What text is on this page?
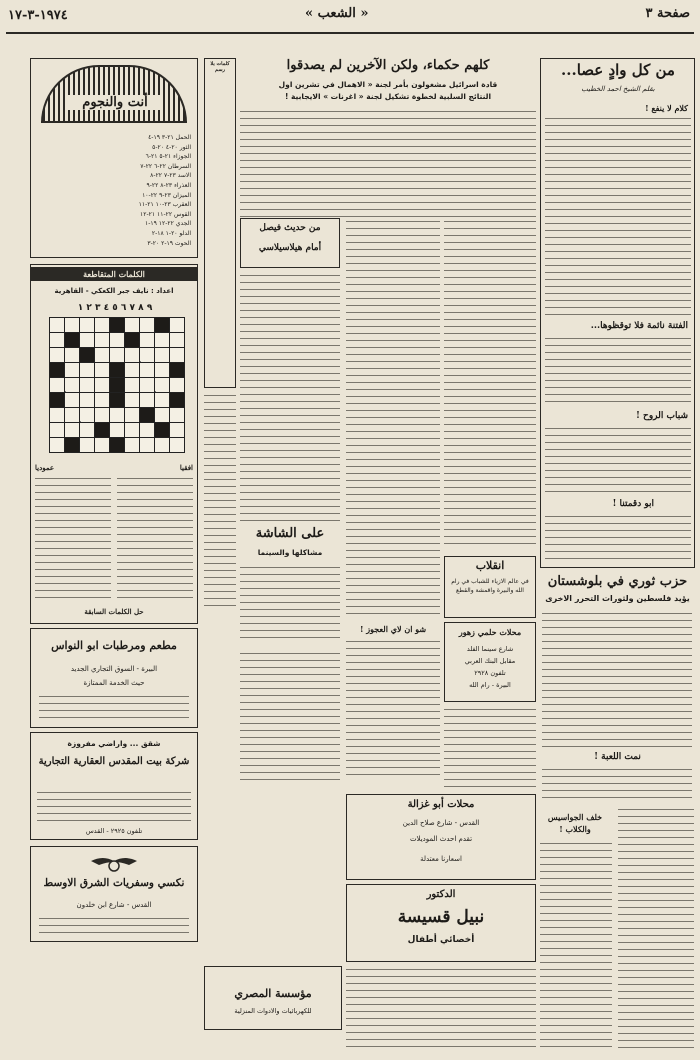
١٩٧٤-٣-١٧	« الشعب »	صفحة ٣
من كل وادٍ عصا...
بقلم الشيخ احمد الخطيب
كلام لا ينفع !
الفتنة نائمة فلا توقظوها...
شباب الروح !
ابو دقمتنا !
حزب ثوري في بلوشستان
يؤيد فلسطين ولثورات التحرر الاخرى
نمت اللعبة !
خلف الجواسيس
والكلاب !
كلهم حكماء، ولكن الآخرين لم يصدقوا
قادة اسرائيل مشغولون بأمر لجنة « الاهمال في تشرين اول
النتائج السلبية لخطوة تشكيل لجنة « اغرنات » الايجابية !
من حديث فيصل
أمام هيلاسيلاسي
على الشاشة
مشاكلها والسينما
انقلاب
في عالم الازياء للشباب في رام الله والبيرة واقمشة والقطع
شو ان لاي العجوز !	محلات حلمي زهور
شارع سينما الفلد
مقابل البنك العربي
تلفون ٢٩٢٨
البيرة - رام الله
محلات أبو غزالة
القدس - شارع صلاح الدين
تقدم احدث الموديلات
اسعارنا معتدلة
الدكتور
نبيل قسيسة
أخصائي أطفال
أنت والنجوم
الحمل ٢١-٣ ١٩-٤
الثور ٢٠-٤ ٢٠-٥
الجوزاء ٢١-٥ ٢١-٦
السرطان ٢٢-٦ ٢٢-٧
الاسد ٢٣-٧ ٢٢-٨
العذراء ٢٣-٨ ٢٢-٩
الميزان ٢٣-٩ ٢٢-١٠
العقرب ٢٣-١٠ ٢١-١١
القوس ٢٢-١١ ٢١-١٢
الجدي ٢٢-١٢ ١٩-١
الدلو ٢٠-١ ١٨-٢
الحوت ١٩-٢ ٢٠-٣
الكلمات المتقاطعة
اعداد : نايف جبر الكعكي - القاهرية
٩ ٨ ٧ ٦ ٥ ٤ ٣ ٢ ١
عموديا	افقيا
حل الكلمات السابقة
مطعم ومرطبات ابو النواس
البيرة - السوق التجاري الجديد
حيث الخدمة الممتازة
شقق ... واراضي مفروزة
شركة بيت المقدس العقارية التجارية
تلفون ٢٩٢٥ - القدس
نكسي وسفريات الشرق الاوسط
القدس - شارع ابن خلدون
كلمات بلا رسم
مؤسسة المصري
للكهربائيات والادوات المنزلية
